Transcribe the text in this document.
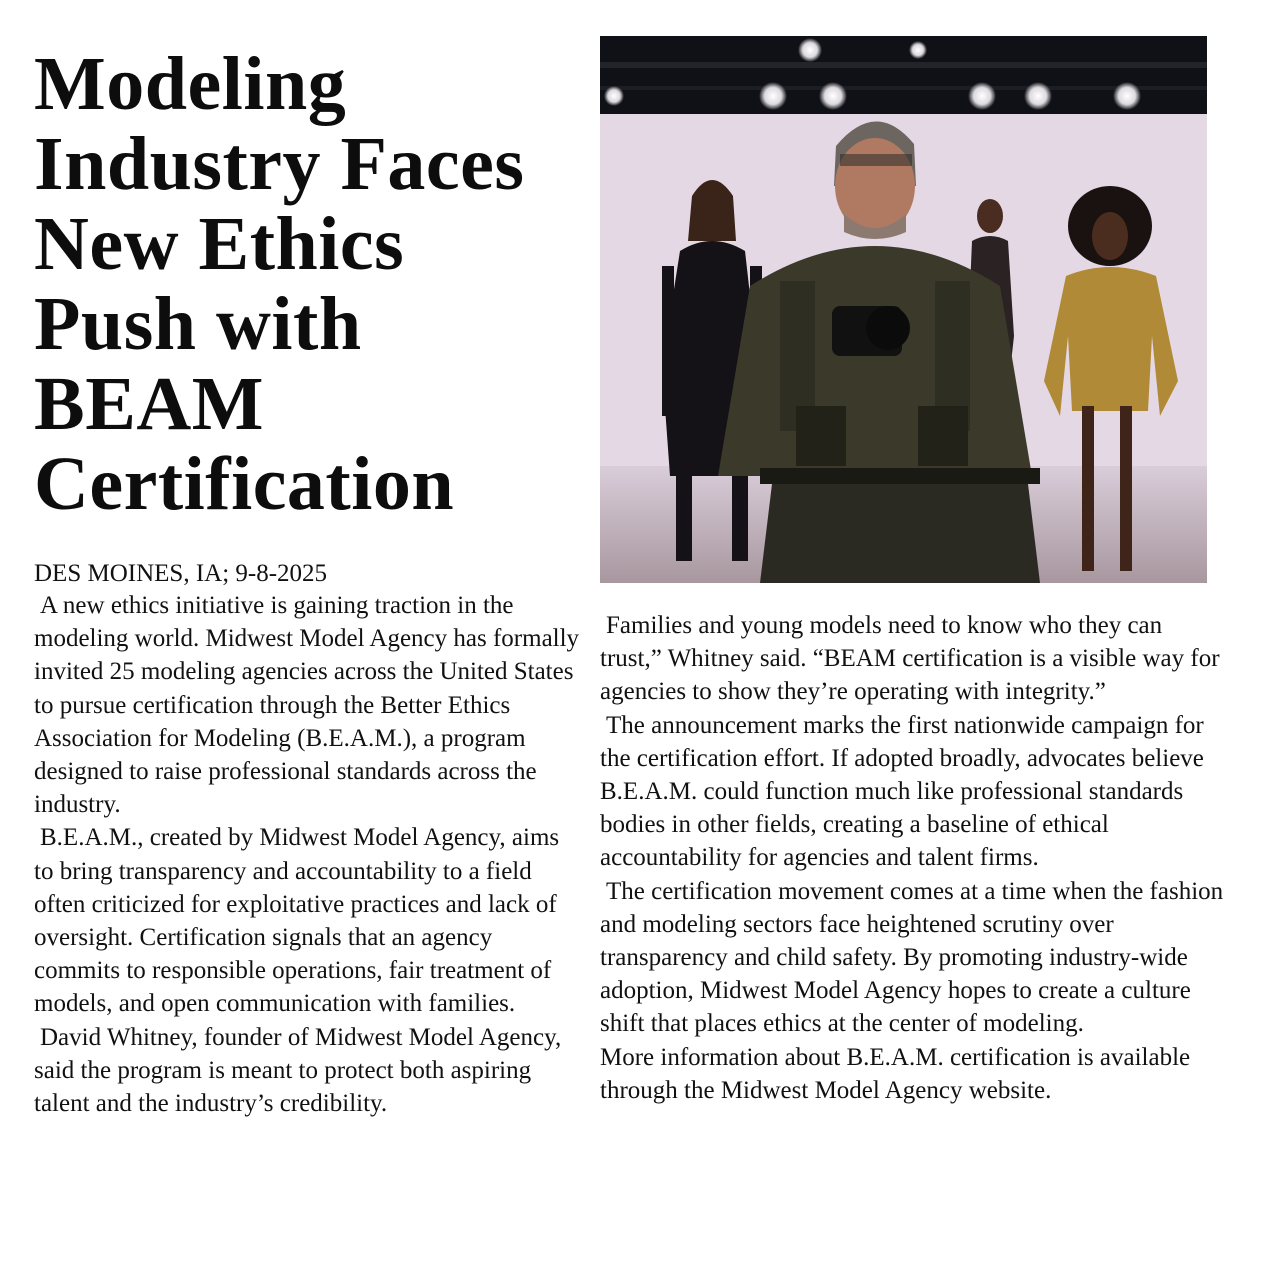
Modeling Industry Faces New Ethics Push with BEAM Certification

DES MOINES, IA; 9-8-2025

A new ethics initiative is gaining traction in the modeling world. Midwest Model Agency has formally invited 25 modeling agencies across the United States to pursue certification through the Better Ethics Association for Modeling (B.E.A.M.), a program designed to raise professional standards across the industry.

B.E.A.M., created by Midwest Model Agency, aims to bring transparency and accountability to a field often criticized for exploitative practices and lack of oversight. Certification signals that an agency commits to responsible operations, fair treatment of models, and open communication with families.

David Whitney, founder of Midwest Model Agency, said the program is meant to protect both aspiring talent and the industry’s credibility.

Families and young models need to know who they can trust,” Whitney said. “BEAM certification is a visible way for agencies to show they’re operating with integrity.”

The announcement marks the first nationwide campaign for the certification effort. If adopted broadly, advocates believe B.E.A.M. could function much like professional standards bodies in other fields, creating a baseline of ethical accountability for agencies and talent firms.

The certification movement comes at a time when the fashion and modeling sectors face heightened scrutiny over transparency and child safety. By promoting industry-wide adoption, Midwest Model Agency hopes to create a culture shift that places ethics at the center of modeling.

More information about B.E.A.M. certification is available through the Midwest Model Agency website.
